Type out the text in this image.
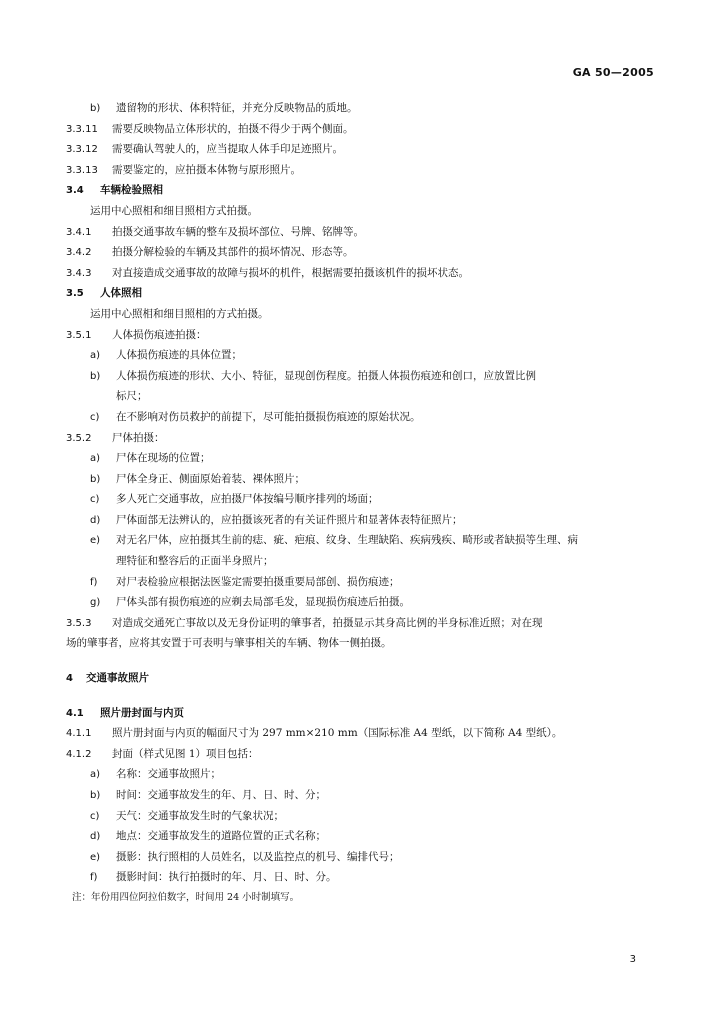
GA 50—2005
b) 遗留物的形状、体积特征，并充分反映物品的质地。
3.3.11 需要反映物品立体形状的，拍摄不得少于两个侧面。
3.3.12 需要确认驾驶人的，应当提取人体手印足迹照片。
3.3.13 需要鉴定的，应拍摄本体物与原形照片。
3.4 车辆检验照相
运用中心照相和细目照相方式拍摄。
3.4.1 拍摄交通事故车辆的整车及损坏部位、号牌、铭牌等。
3.4.2 拍摄分解检验的车辆及其部件的损坏情况、形态等。
3.4.3 对直接造成交通事故的故障与损坏的机件，根据需要拍摄该机件的损坏状态。
3.5 人体照相
运用中心照相和细目照相的方式拍摄。
3.5.1 人体损伤痕迹拍摄：
a) 人体损伤痕迹的具体位置；
b) 人体损伤痕迹的形状、大小、特征，显现创伤程度。拍摄人体损伤痕迹和创口，应放置比例
标尺；
c) 在不影响对伤员救护的前提下，尽可能拍摄损伤痕迹的原始状况。
3.5.2 尸体拍摄：
a) 尸体在现场的位置；
b) 尸体全身正、侧面原始着装、裸体照片；
c) 多人死亡交通事故，应拍摄尸体按编号顺序排列的场面；
d) 尸体面部无法辨认的，应拍摄该死者的有关证件照片和显著体表特征照片；
e) 对无名尸体，应拍摄其生前的痣、疵、疤痕、纹身、生理缺陷、疾病残疾、畸形或者缺损等生理、病
理特征和整容后的正面半身照片；
f) 对尸表检验应根据法医鉴定需要拍摄重要局部创、损伤痕迹；
g) 尸体头部有损伤痕迹的应剃去局部毛发，显现损伤痕迹后拍摄。
3.5.3 对造成交通死亡事故以及无身份证明的肇事者，拍摄显示其身高比例的半身标准近照；对在现
场的肇事者，应将其安置于可表明与肇事相关的车辆、物体一侧拍摄。
4 交通事故照片
4.1 照片册封面与内页
4.1.1 照片册封面与内页的幅面尺寸为 297 mm×210 mm（国际标准 A4 型纸，以下简称 A4 型纸）。
4.1.2 封面（样式见图 1）项目包括：
a) 名称：交通事故照片；
b) 时间：交通事故发生的年、月、日、时、分；
c) 天气：交通事故发生时的气象状况；
d) 地点：交通事故发生的道路位置的正式名称；
e) 摄影：执行照相的人员姓名，以及监控点的机号、编排代号；
f) 摄影时间：执行拍摄时的年、月、日、时、分。
注：年份用四位阿拉伯数字，时间用 24 小时制填写。
3
